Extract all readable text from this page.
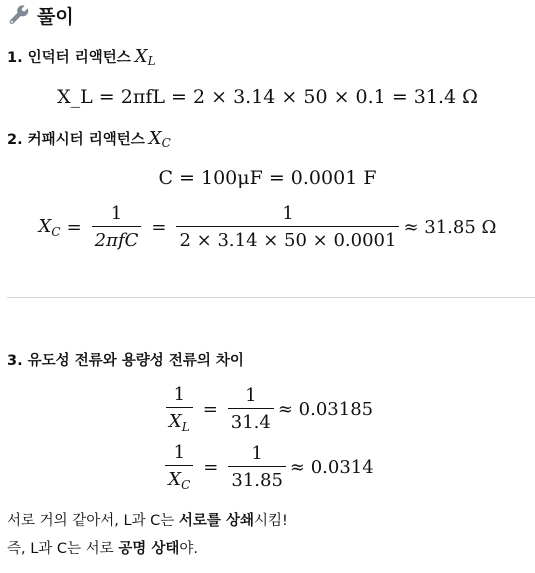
풀이
1. 인덕터 리액턴스 $X_L$
X_L = 2πfL = 2 × 3.14 × 50 × 0.1 = 31.4 Ω
2. 커패시터 리액턴스 $X_C$
C = 100μF = 0.0001 F
$X_C = \frac{1}{\text{2πfC}} = \frac{1}{2 \times 3.14 \times 50 \times 0.0001} \approx 31.85$ Ω
3. 유도성 전류와 용량성 전류의 차이
$\frac{1}{X_L} = \frac{1}{31.4} \approx 0.03185$
$\frac{1}{X_C} = \frac{1}{31.85} \approx 0.0314$
서로 거의 같아서, L과 C는 서로를 상쇄시킴!
즉, L과 C는 서로 공명 상태야.
